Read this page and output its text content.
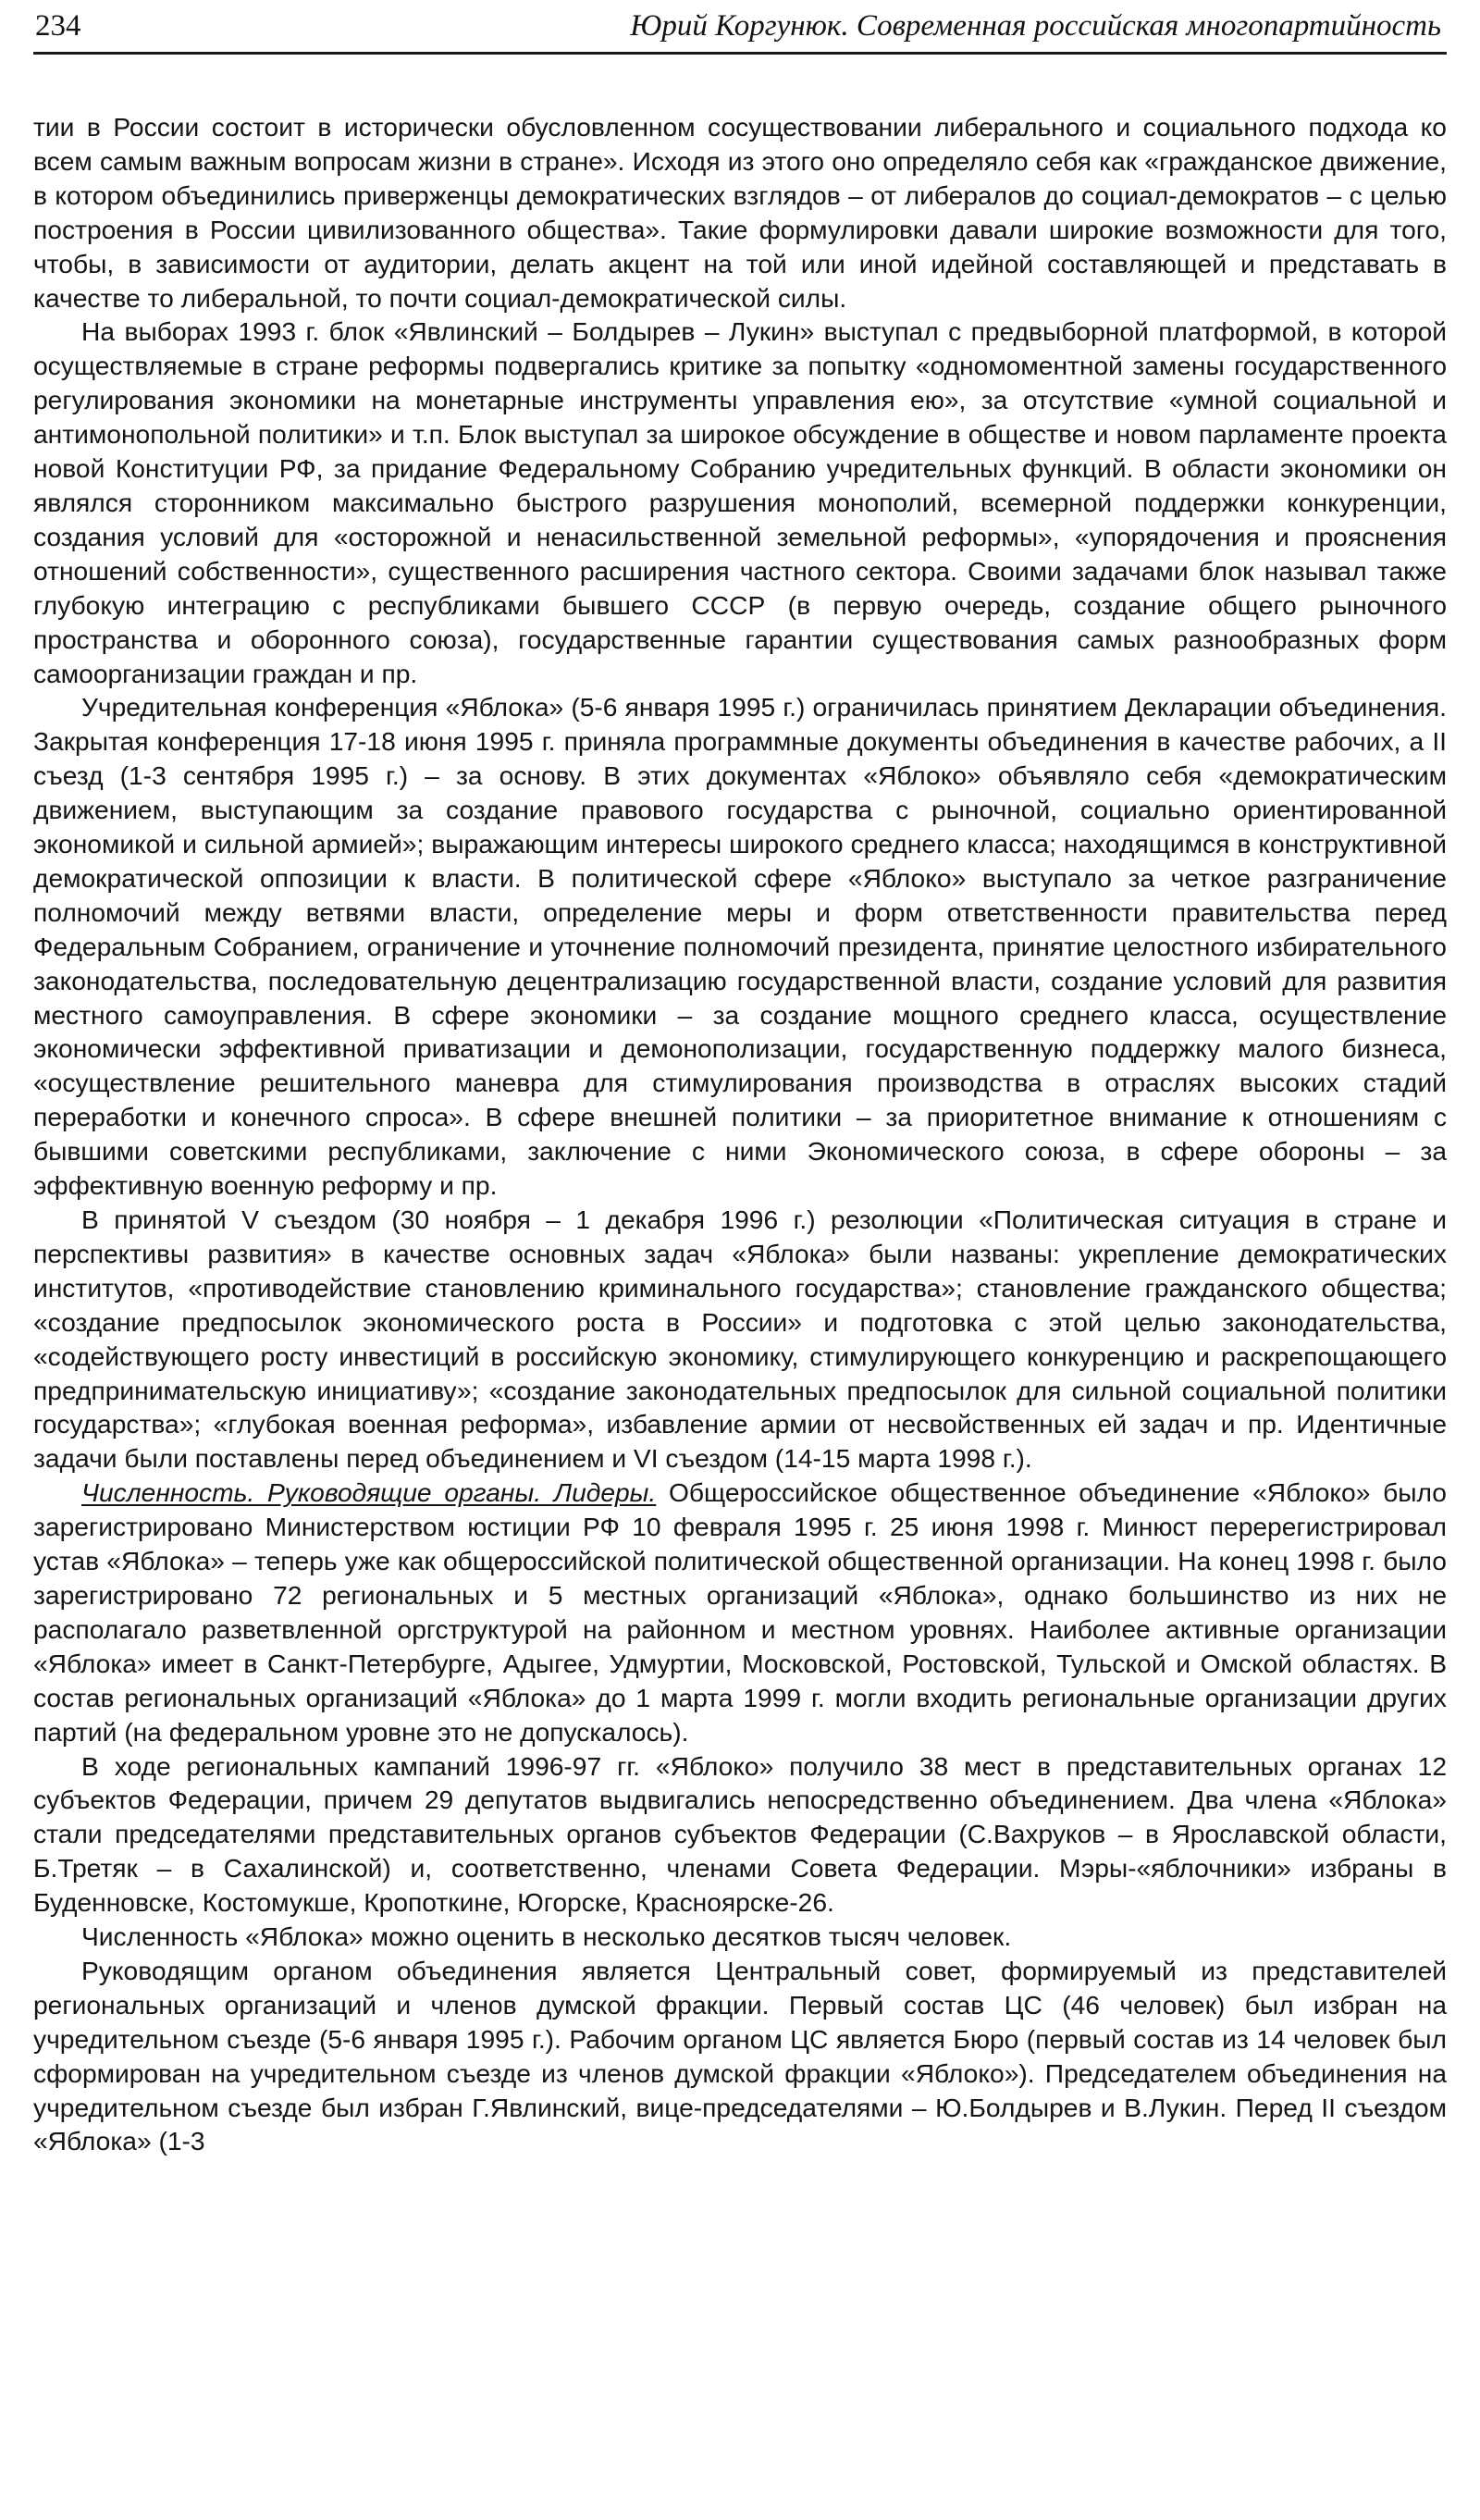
234	Юрий Коргунюк. Современная российская многопартийность

тии в России состоит в исторически обусловленном сосуществовании либерального и социального подхода ко всем самым важным вопросам жизни в стране». Исходя из этого оно определяло себя как «гражданское движение, в котором объединились приверженцы демократических взглядов – от либералов до социал-демократов – с целью построения в России цивилизованного общества». Такие формулировки давали широкие возможности для того, чтобы, в зависимости от аудитории, делать акцент на той или иной идейной составляющей и представать в качестве то либеральной, то почти социал-демократической силы.

На выборах 1993 г. блок «Явлинский – Болдырев – Лукин» выступал с предвыборной платформой, в которой осуществляемые в стране реформы подвергались критике за попытку «одномоментной замены государственного регулирования экономики на монетарные инструменты управления ею», за отсутствие «умной социальной и антимонопольной политики» и т.п. Блок выступал за широкое обсуждение в обществе и новом парламенте проекта новой Конституции РФ, за придание Федеральному Собранию учредительных функций. В области экономики он являлся сторонником максимально быстрого разрушения монополий, всемерной поддержки конкуренции, создания условий для «осторожной и ненасильственной земельной реформы», «упорядочения и прояснения отношений собственности», существенного расширения частного сектора. Своими задачами блок называл также глубокую интеграцию с республиками бывшего СССР (в первую очередь, создание общего рыночного пространства и оборонного союза), государственные гарантии существования самых разнообразных форм самоорганизации граждан и пр.

Учредительная конференция «Яблока» (5-6 января 1995 г.) ограничилась принятием Декларации объединения. Закрытая конференция 17-18 июня 1995 г. приняла программные документы объединения в качестве рабочих, а II съезд (1-3 сентября 1995 г.) – за основу. В этих документах «Яблоко» объявляло себя «демократическим движением, выступающим за создание правового государства с рыночной, социально ориентированной экономикой и сильной армией»; выражающим интересы широкого среднего класса; находящимся в конструктивной демократической оппозиции к власти. В политической сфере «Яблоко» выступало за четкое разграничение полномочий между ветвями власти, определение меры и форм ответственности правительства перед Федеральным Собранием, ограничение и уточнение полномочий президента, принятие целостного избирательного законодательства, последовательную децентрализацию государственной власти, создание условий для развития местного самоуправления. В сфере экономики – за создание мощного среднего класса, осуществление экономически эффективной приватизации и демонополизации, государственную поддержку малого бизнеса, «осуществление решительного маневра для стимулирования производства в отраслях высоких стадий переработки и конечного спроса». В сфере внешней политики – за приоритетное внимание к отношениям с бывшими советскими республиками, заключение с ними Экономического союза, в сфере обороны – за эффективную военную реформу и пр.

В принятой V съездом (30 ноября – 1 декабря 1996 г.) резолюции «Политическая ситуация в стране и перспективы развития» в качестве основных задач «Яблока» были названы: укрепление демократических институтов, «противодействие становлению криминального государства»; становление гражданского общества; «создание предпосылок экономического роста в России» и подготовка с этой целью законодательства, «содействующего росту инвестиций в российскую экономику, стимулирующего конкуренцию и раскрепощающего предпринимательскую инициативу»; «создание законодательных предпосылок для сильной социальной политики государства»; «глубокая военная реформа», избавление армии от несвойственных ей задач и пр. Идентичные задачи были поставлены перед объединением и VI съездом (14-15 марта 1998 г.).

Численность. Руководящие органы. Лидеры. Общероссийское общественное объединение «Яблоко» было зарегистрировано Министерством юстиции РФ 10 февраля 1995 г. 25 июня 1998 г. Минюст перерегистрировал устав «Яблока» – теперь уже как общероссийской политической общественной организации. На конец 1998 г. было зарегистрировано 72 региональных и 5 местных организаций «Яблока», однако большинство из них не располагало разветвленной оргструктурой на районном и местном уровнях. Наиболее активные организации «Яблока» имеет в Санкт-Петербурге, Адыгее, Удмуртии, Московской, Ростовской, Тульской и Омской областях. В состав региональных организаций «Яблока» до 1 марта 1999 г. могли входить региональные организации других партий (на федеральном уровне это не допускалось).

В ходе региональных кампаний 1996-97 гг. «Яблоко» получило 38 мест в представительных органах 12 субъектов Федерации, причем 29 депутатов выдвигались непосредственно объединением. Два члена «Яблока» стали председателями представительных органов субъектов Федерации (С.Вахруков – в Ярославской области, Б.Третяк – в Сахалинской) и, соответственно, членами Совета Федерации. Мэры-«яблочники» избраны в Буденновске, Костомукше, Кропоткине, Югорске, Красноярске-26.

Численность «Яблока» можно оценить в несколько десятков тысяч человек.

Руководящим органом объединения является Центральный совет, формируемый из представителей региональных организаций и членов думской фракции. Первый состав ЦС (46 человек) был избран на учредительном съезде (5-6 января 1995 г.). Рабочим органом ЦС является Бюро (первый состав из 14 человек был сформирован на учредительном съезде из членов думской фракции «Яблоко»). Председателем объединения на учредительном съезде был избран Г.Явлинский, вице-председателями – Ю.Болдырев и В.Лукин. Перед II съездом «Яблока» (1-3
